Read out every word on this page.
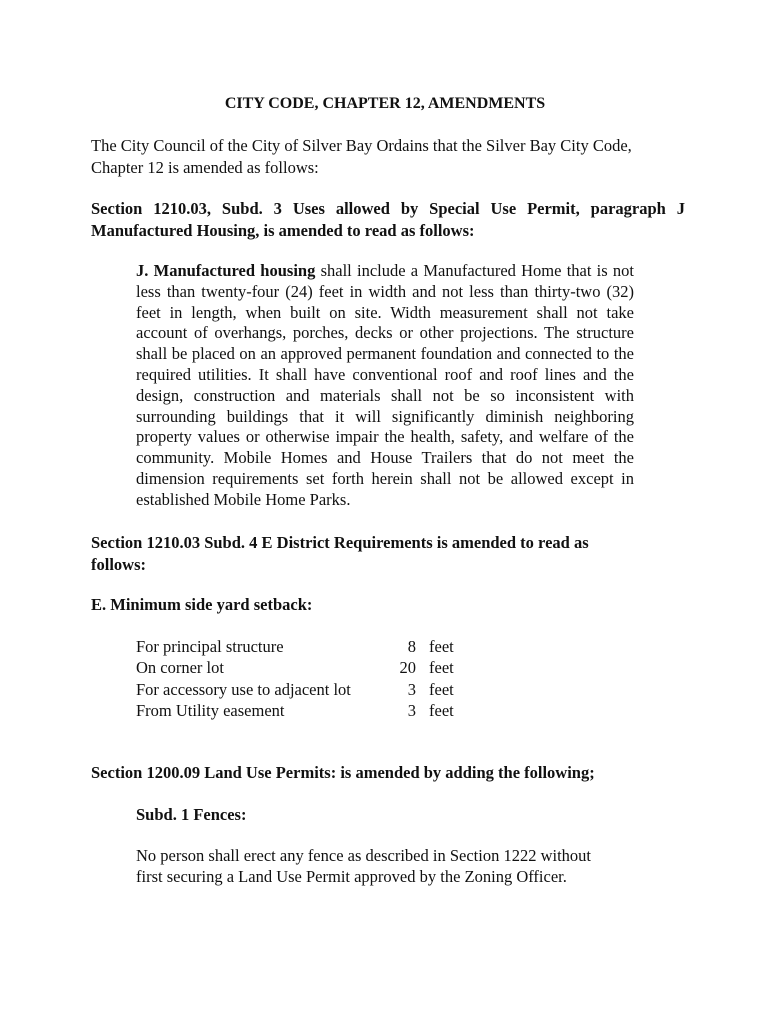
CITY CODE, CHAPTER 12, AMENDMENTS
The City Council of the City of Silver Bay Ordains that the Silver Bay City Code,
Chapter 12 is amended as follows:
Section 1210.03, Subd. 3 Uses allowed by Special Use Permit, paragraph J Manufactured Housing, is amended to read as follows:
J. Manufactured housing shall include a Manufactured Home that is not less than twenty-four (24) feet in width and not less than thirty-two (32) feet in length, when built on site. Width measurement shall not take account of overhangs, porches, decks or other projections. The structure shall be placed on an approved permanent foundation and connected to the required utilities. It shall have conventional roof and roof lines and the design, construction and materials shall not be so inconsistent with surrounding buildings that it will significantly diminish neighboring property values or otherwise impair the health, safety, and welfare of the community. Mobile Homes and House Trailers that do not meet the dimension requirements set forth herein shall not be allowed except in established Mobile Home Parks.
Section 1210.03 Subd. 4 E District Requirements is amended to read as
follows:
E. Minimum side yard setback:
For principal structure	8 feet
On corner lot	20 feet
For accessory use to adjacent lot	3 feet
From Utility easement	3 feet
Section 1200.09 Land Use Permits: is amended by adding the following;
Subd. 1 Fences:
No person shall erect any fence as described in Section 1222 without
first securing a Land Use Permit approved by the Zoning Officer.
